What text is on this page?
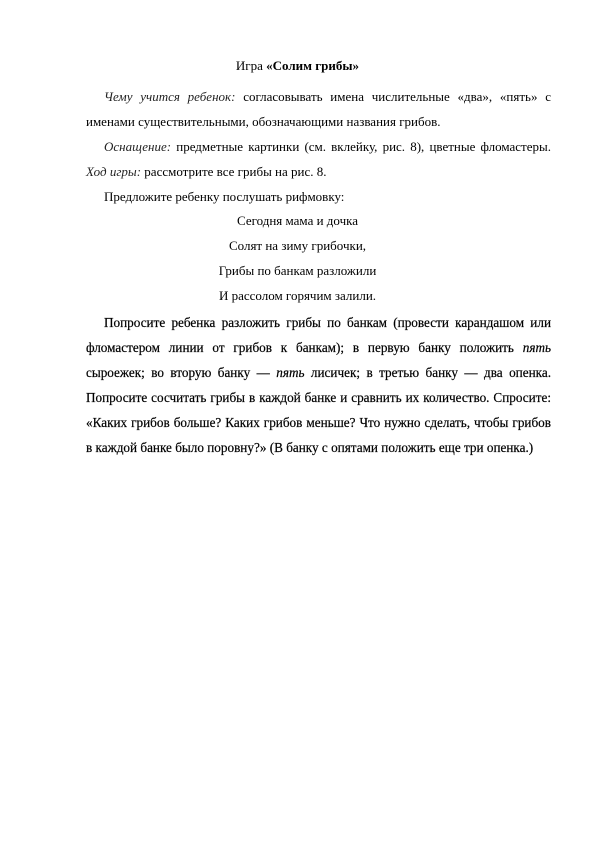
Игра «Солим грибы»

Чему учится ребенок: согласовывать имена числительные «два», «пять» с именами существительными, обозначающими названия грибов.

Оснащение: предметные картинки (см. вклейку, рис. 8), цветные фломастеры. Ход игры: рассмотрите все грибы на рис. 8.

Предложите ребенку послушать рифмовку:

Сегодня мама и дочка

Солят на зиму грибочки,

Грибы по банкам разложили

И рассолом горячим залили.

Попросите ребенка разложить грибы по банкам (провести карандашом или фломастером линии от грибов к банкам); в первую банку положить пять сыроежек; во вторую банку — пять лисичек; в третью банку — два опенка. Попросите сосчитать грибы в каждой банке и сравнить их количество. Спросите: «Каких грибов больше? Каких грибов меньше? Что нужно сделать, чтобы грибов в каждой банке было поровну?» (В банку с опятами положить еще три опенка.)
